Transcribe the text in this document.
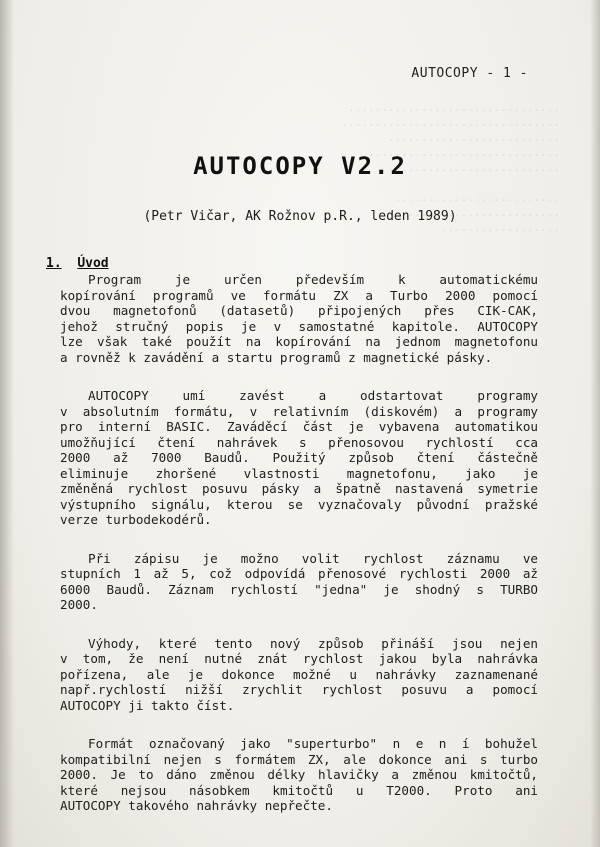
................................
.................................
..........................
.............................
..........................

.........................
.........................
..................
AUTOCOPY - 1 -
AUTOCOPY V2.2
(Petr Vičar, AK Rožnov p.R., leden 1989)
1. Úvod
Program je určen především k automatickému
kopírování programů ve formátu ZX a Turbo 2000 pomocí
dvou magnetofonů (datasetů) připojených přes CIK-CAK,
jehož stručný popis je v samostatné kapitole. AUTOCOPY
lze však také použít na kopírování na jednom magnetofonu
a rovněž k zavádění a startu programů z magnetické pásky.
AUTOCOPY umí zavést a odstartovat programy
v absolutním formátu, v relativním (diskovém) a programy
pro interní BASIC. Zaváděcí část je vybavena automatikou
umožňující čtení nahrávek s přenosovou rychlostí cca
2000 až 7000 Baudů. Použitý způsob čtení částečně
eliminuje zhoršené vlastnosti magnetofonu, jako je
změněná rychlost posuvu pásky a špatně nastavená symetrie
výstupního signálu, kterou se vyznačovaly původní pražské
verze turbodekodérů.
Při zápisu je možno volit rychlost záznamu ve
stupních 1 až 5, což odpovídá přenosové rychlosti 2000 až
6000 Baudů. Záznam rychlostí "jedna" je shodný s TURBO
2000.
Výhody, které tento nový způsob přináší jsou nejen
v tom, že není nutné znát rychlost jakou byla nahrávka
pořízena, ale je dokonce možné u nahrávky zaznamenané
např.rychlostí nižší zrychlit rychlost posuvu a pomocí
AUTOCOPY ji takto číst.
Formát označovaný jako "superturbo" n e n í bohužel
kompatibilní nejen s formátem ZX, ale dokonce ani s turbo
2000. Je to dáno změnou délky hlavičky a změnou kmitočtů,
které nejsou násobkem kmitočtů u T2000. Proto ani
AUTOCOPY takového nahrávky nepřečte.
